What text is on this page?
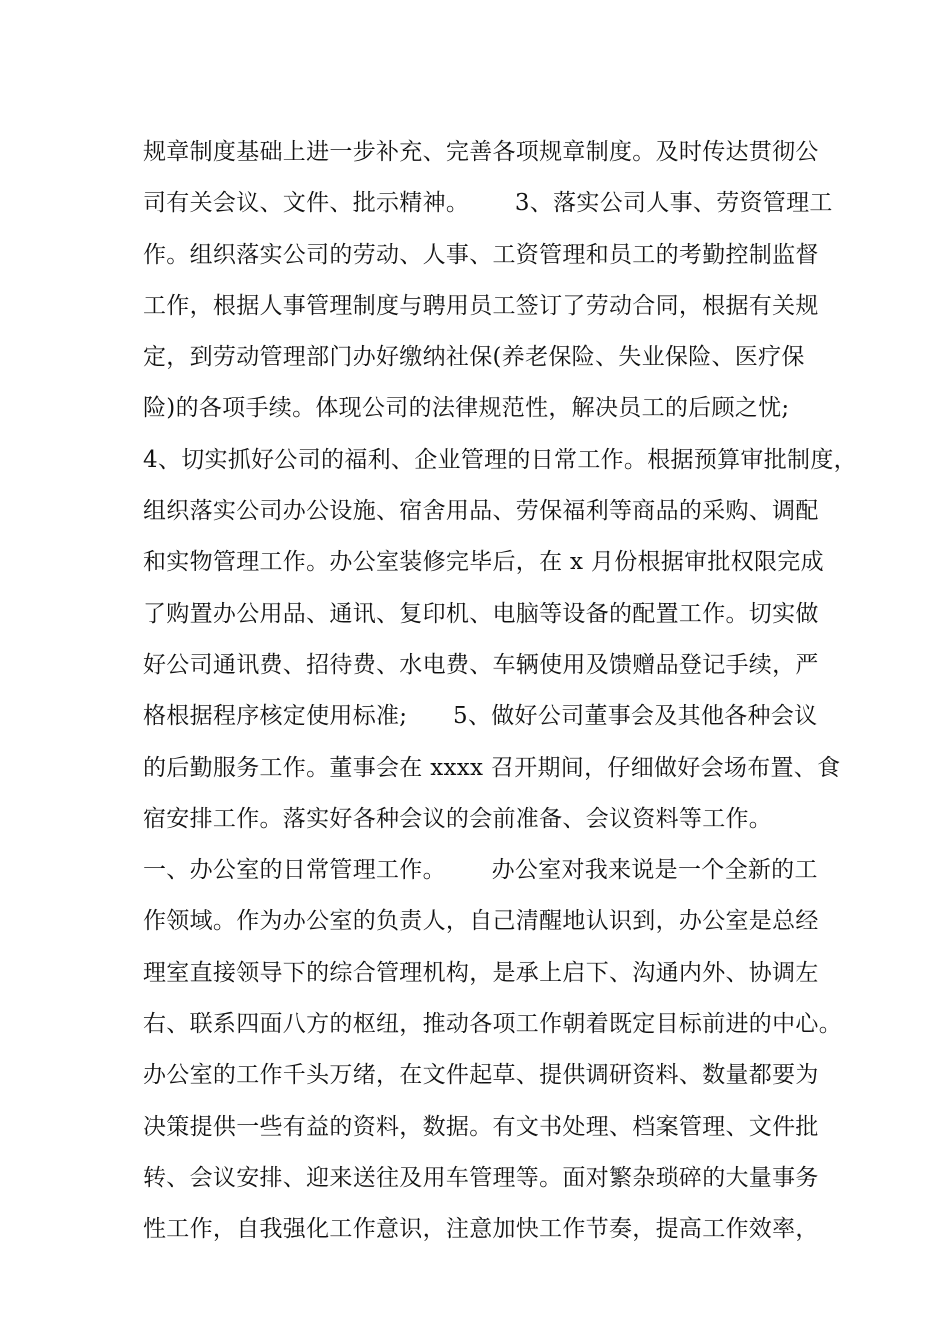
规章制度基础上进一步补充、完善各项规章制度。及时传达贯彻公
司有关会议、文件、批示精神。      3、落实公司人事、劳资管理工
作。组织落实公司的劳动、人事、工资管理和员工的考勤控制监督
工作，根据人事管理制度与聘用员工签订了劳动合同，根据有关规
定，到劳动管理部门办好缴纳社保(养老保险、失业保险、医疗保
险)的各项手续。体现公司的法律规范性，解决员工的后顾之忧;
4、切实抓好公司的福利、企业管理的日常工作。根据预算审批制度，
组织落实公司办公设施、宿舍用品、劳保福利等商品的采购、调配
和实物管理工作。办公室装修完毕后，在 x 月份根据审批权限完成
了购置办公用品、通讯、复印机、电脑等设备的配置工作。切实做
好公司通讯费、招待费、水电费、车辆使用及馈赠品登记手续，严
格根据程序核定使用标准;      5、做好公司董事会及其他各种会议
的后勤服务工作。董事会在 xxxx 召开期间，仔细做好会场布置、食
宿安排工作。落实好各种会议的会前准备、会议资料等工作。
一、办公室的日常管理工作。      办公室对我来说是一个全新的工
作领域。作为办公室的负责人，自己清醒地认识到，办公室是总经
理室直接领导下的综合管理机构，是承上启下、沟通内外、协调左
右、联系四面八方的枢纽，推动各项工作朝着既定目标前进的中心。
办公室的工作千头万绪，在文件起草、提供调研资料、数量都要为
决策提供一些有益的资料，数据。有文书处理、档案管理、文件批
转、会议安排、迎来送往及用车管理等。面对繁杂琐碎的大量事务
性工作，自我强化工作意识，注意加快工作节奏，提高工作效率，
